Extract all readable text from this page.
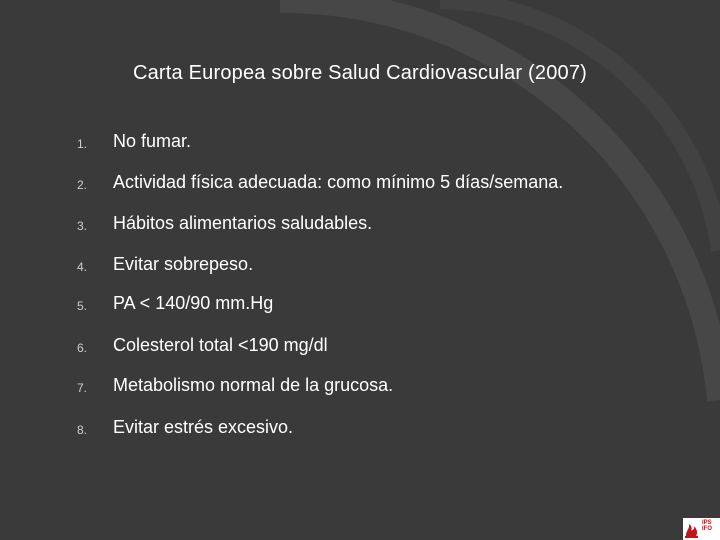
Carta Europea sobre Salud Cardiovascular (2007)
1. No fumar.
2. Actividad física adecuada: como mínimo 5 días/semana.
3. Hábitos alimentarios saludables.
4. Evitar sobrepeso.
5. PA < 140/90 mm.Hg
6. Colesterol total <190 mg/dl
7. Metabolismo normal de la grucosa.
8. Evitar estrés excesivo.
IPS
IFO
